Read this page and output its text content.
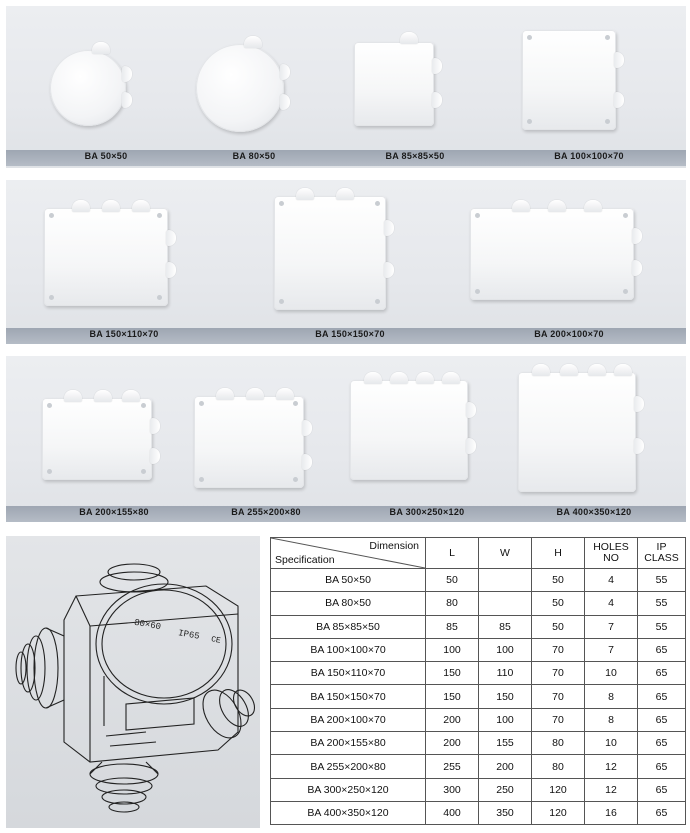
BA 50×50	BA 80×50	BA 85×85×50	BA 100×100×70
BA 150×110×70	BA 150×150×70	BA 200×100×70
BA 200×155×80	BA 255×200×80	BA 300×250×120	BA 400×350×120
80×60
IP65 CE
Dimension
Specification	L	W	H	HOLES NO	IP CLASS
BA 50×50	50		50	4	55
BA 80×50	80		50	4	55
BA 85×85×50	85	85	50	7	55
BA 100×100×70	100	100	70	7	65
BA 150×110×70	150	110	70	10	65
BA 150×150×70	150	150	70	8	65
BA 200×100×70	200	100	70	8	65
BA 200×155×80	200	155	80	10	65
BA 255×200×80	255	200	80	12	65
BA 300×250×120	300	250	120	12	65
BA 400×350×120	400	350	120	16	65
